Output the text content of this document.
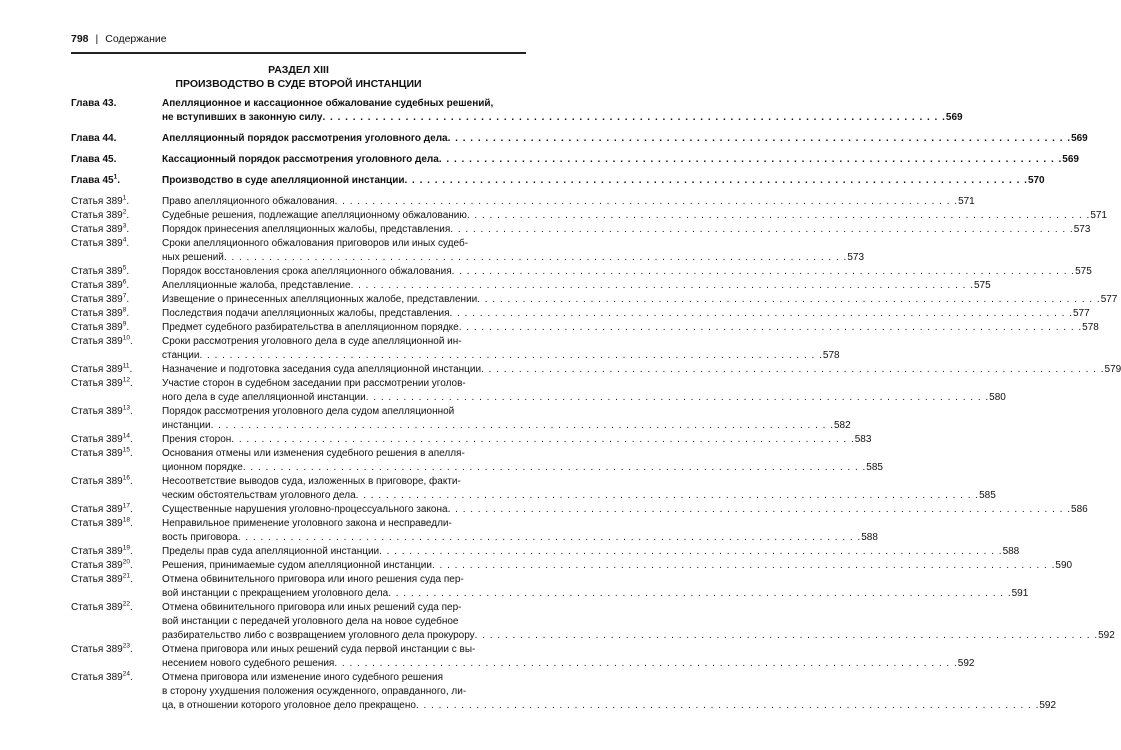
798 | Содержание
РАЗДЕЛ XIII
ПРОИЗВОДСТВО В СУДЕ ВТОРОЙ ИНСТАНЦИИ
Глава 43.	Апелляционное и кассационное обжалование судебных решений,
не вступивших в законную силу . . . . . . . . . . . . . . . . . . . . . . . . . . . . . . . . . . . . . . . . . . . . . . . . . . . . . . . . . . . . . . . . . . . . . . . . . . . . . . . . . . . 569
Глава 44.	Апелляционный порядок рассмотрения уголовного дела . . . . . . . . . . . . . . . . . . . . . . . . . . . . . . . . . . . . . . . . . . . . . . . . . . . . . . . . . . . . . . . . . . . . . . . . . . . . . . . . . . . 569
Глава 45.	Кассационный порядок рассмотрения уголовного дела . . . . . . . . . . . . . . . . . . . . . . . . . . . . . . . . . . . . . . . . . . . . . . . . . . . . . . . . . . . . . . . . . . . . . . . . . . . . . . . . . . . 569
Глава $45^1$.	Производство в суде апелляционной инстанции . . . . . . . . . . . . . . . . . . . . . . . . . . . . . . . . . . . . . . . . . . . . . . . . . . . . . . . . . . . . . . . . . . . . . . . . . . . . . . . . . . . 570
Статья $389^1$.	Право апелляционного обжалования . . . . . . . . . . . . . . . . . . . . . . . . . . . . . . . . . . . . . . . . . . . . . . . . . . . . . . . . . . . . . . . . . . . . . . . . . . . . . . . . . . . 571
Статья $389^2$.	Судебные решения, подлежащие апелляционному обжалованию . . . . . . . . . . . . . . . . . . . . . . . . . . . . . . . . . . . . . . . . . . . . . . . . . . . . . . . . . . . . . . . . . . . . . . . . . . . . . . . . . . . 571
Статья $389^3$.	Порядок принесения апелляционных жалобы, представления . . . . . . . . . . . . . . . . . . . . . . . . . . . . . . . . . . . . . . . . . . . . . . . . . . . . . . . . . . . . . . . . . . . . . . . . . . . . . . . . . . . 573
Статья $389^4$.	Сроки апелляционного обжалования приговоров или иных судеб-
ных решений . . . . . . . . . . . . . . . . . . . . . . . . . . . . . . . . . . . . . . . . . . . . . . . . . . . . . . . . . . . . . . . . . . . . . . . . . . . . . . . . . . . 573
Статья $389^5$.	Порядок восстановления срока апелляционного обжалования . . . . . . . . . . . . . . . . . . . . . . . . . . . . . . . . . . . . . . . . . . . . . . . . . . . . . . . . . . . . . . . . . . . . . . . . . . . . . . . . . . . 575
Статья $389^6$.	Апелляционные жалоба, представление . . . . . . . . . . . . . . . . . . . . . . . . . . . . . . . . . . . . . . . . . . . . . . . . . . . . . . . . . . . . . . . . . . . . . . . . . . . . . . . . . . . 575
Статья $389^7$.	Извещение о принесенных апелляционных жалобе, представлении . . . . . . . . . . . . . . . . . . . . . . . . . . . . . . . . . . . . . . . . . . . . . . . . . . . . . . . . . . . . . . . . . . . . . . . . . . . . . . . . . . . 577
Статья $389^8$.	Последствия подачи апелляционных жалобы, представления . . . . . . . . . . . . . . . . . . . . . . . . . . . . . . . . . . . . . . . . . . . . . . . . . . . . . . . . . . . . . . . . . . . . . . . . . . . . . . . . . . . 577
Статья $389^9$.	Предмет судебного разбирательства в апелляционном порядке . . . . . . . . . . . . . . . . . . . . . . . . . . . . . . . . . . . . . . . . . . . . . . . . . . . . . . . . . . . . . . . . . . . . . . . . . . . . . . . . . . . 578
Статья $389^{10}$.	Сроки рассмотрения уголовного дела в суде апелляционной ин-
станции . . . . . . . . . . . . . . . . . . . . . . . . . . . . . . . . . . . . . . . . . . . . . . . . . . . . . . . . . . . . . . . . . . . . . . . . . . . . . . . . . . . 578
Статья $389^{11}$.	Назначение и подготовка заседания суда апелляционной инстанции . . . . . . . . . . . . . . . . . . . . . . . . . . . . . . . . . . . . . . . . . . . . . . . . . . . . . . . . . . . . . . . . . . . . . . . . . . . . . . . . . . . 579
Статья $389^{12}$.	Участие сторон в судебном заседании при рассмотрении уголов-
ного дела в суде апелляционной инстанции . . . . . . . . . . . . . . . . . . . . . . . . . . . . . . . . . . . . . . . . . . . . . . . . . . . . . . . . . . . . . . . . . . . . . . . . . . . . . . . . . . . 580
Статья $389^{13}$.	Порядок рассмотрения уголовного дела судом апелляционной
инстанции . . . . . . . . . . . . . . . . . . . . . . . . . . . . . . . . . . . . . . . . . . . . . . . . . . . . . . . . . . . . . . . . . . . . . . . . . . . . . . . . . . . 582
Статья $389^{14}$.	Прения сторон . . . . . . . . . . . . . . . . . . . . . . . . . . . . . . . . . . . . . . . . . . . . . . . . . . . . . . . . . . . . . . . . . . . . . . . . . . . . . . . . . . . 583
Статья $389^{15}$.	Основания отмены или изменения судебного решения в апелля-
ционном порядке . . . . . . . . . . . . . . . . . . . . . . . . . . . . . . . . . . . . . . . . . . . . . . . . . . . . . . . . . . . . . . . . . . . . . . . . . . . . . . . . . . . 585
Статья $389^{16}$.	Несоответствие выводов суда, изложенных в приговоре, факти-
ческим обстоятельствам уголовного дела . . . . . . . . . . . . . . . . . . . . . . . . . . . . . . . . . . . . . . . . . . . . . . . . . . . . . . . . . . . . . . . . . . . . . . . . . . . . . . . . . . . 585
Статья $389^{17}$.	Существенные нарушения уголовно-процессуального закона . . . . . . . . . . . . . . . . . . . . . . . . . . . . . . . . . . . . . . . . . . . . . . . . . . . . . . . . . . . . . . . . . . . . . . . . . . . . . . . . . . . 586
Статья $389^{18}$.	Неправильное применение уголовного закона и несправедли-
вость приговора . . . . . . . . . . . . . . . . . . . . . . . . . . . . . . . . . . . . . . . . . . . . . . . . . . . . . . . . . . . . . . . . . . . . . . . . . . . . . . . . . . . 588
Статья $389^{19}$.	Пределы прав суда апелляционной инстанции . . . . . . . . . . . . . . . . . . . . . . . . . . . . . . . . . . . . . . . . . . . . . . . . . . . . . . . . . . . . . . . . . . . . . . . . . . . . . . . . . . . 588
Статья $389^{20}$.	Решения, принимаемые судом апелляционной инстанции . . . . . . . . . . . . . . . . . . . . . . . . . . . . . . . . . . . . . . . . . . . . . . . . . . . . . . . . . . . . . . . . . . . . . . . . . . . . . . . . . . . 590
Статья $389^{21}$.	Отмена обвинительного приговора или иного решения суда пер-
вой инстанции с прекращением уголовного дела . . . . . . . . . . . . . . . . . . . . . . . . . . . . . . . . . . . . . . . . . . . . . . . . . . . . . . . . . . . . . . . . . . . . . . . . . . . . . . . . . . . 591
Статья $389^{22}$.	Отмена обвинительного приговора или иных решений суда пер-
вой инстанции с передачей уголовного дела на новое судебное
разбирательство либо с возвращением уголовного дела прокурору . . . . . . . . . . . . . . . . . . . . . . . . . . . . . . . . . . . . . . . . . . . . . . . . . . . . . . . . . . . . . . . . . . . . . . . . . . . . . . . . . . . 592
Статья $389^{23}$.	Отмена приговора или иных решений суда первой инстанции с вы-
несением нового судебного решения . . . . . . . . . . . . . . . . . . . . . . . . . . . . . . . . . . . . . . . . . . . . . . . . . . . . . . . . . . . . . . . . . . . . . . . . . . . . . . . . . . . 592
Статья $389^{24}$.	Отмена приговора или изменение иного судебного решения
в сторону ухудшения положения осужденного, оправданного, ли-
ца, в отношении которого уголовное дело прекращено . . . . . . . . . . . . . . . . . . . . . . . . . . . . . . . . . . . . . . . . . . . . . . . . . . . . . . . . . . . . . . . . . . . . . . . . . . . . . . . . . . . 592
